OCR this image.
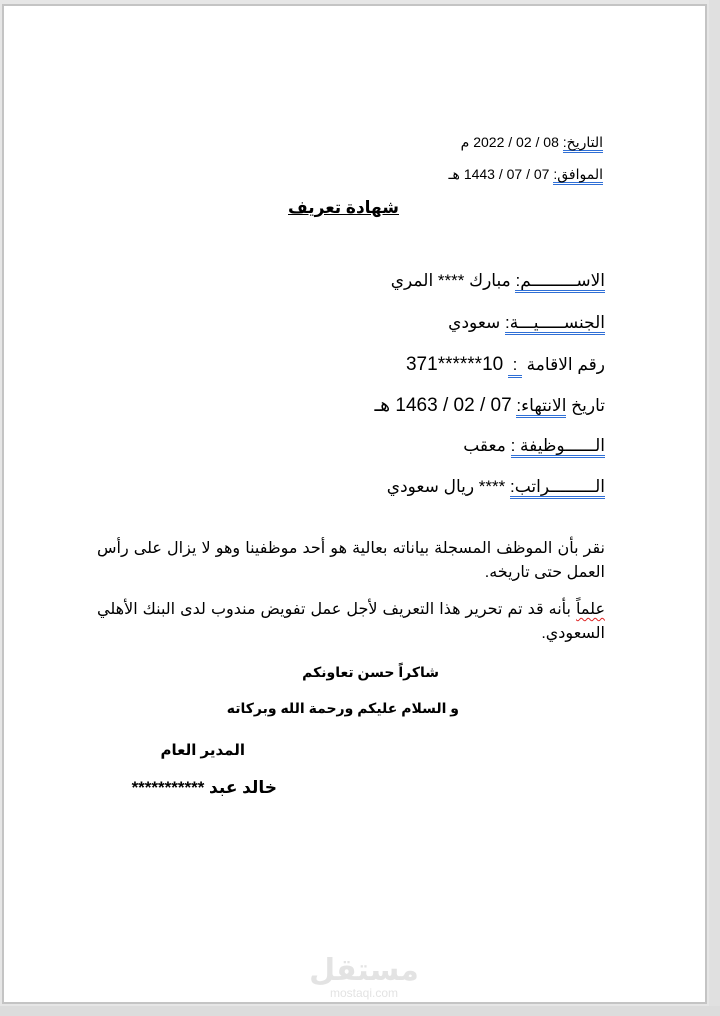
التاريخ: 08 / 02 / 2022 م
الموافق: 07 / 07 / 1443 هـ
شهادة تعريف
الاســـــــــم: مبارك **** المري
الجنســـــيـــة: سعودي
رقم الاقامة : 10******371
تاريخ الانتهاء: 07 / 02 / 1463 هـ
الــــــوظيفة : معقب
الـــــــــراتب: **** ريال سعودي
نقر بأن الموظف المسجلة بياناته بعالية هو أحد موظفينا وهو لا يزال على رأس العمل حتى تاريخه.
علماً بأنه قد تم تحرير هذا التعريف لأجل عمل تفويض مندوب لدى البنك الأهلي السعودي.
شاكراً حسن تعاونكم
و السلام عليكم ورحمة الله وبركاته
المدير العام
خالد عبد ***********
مستقل
mostaqi.com
